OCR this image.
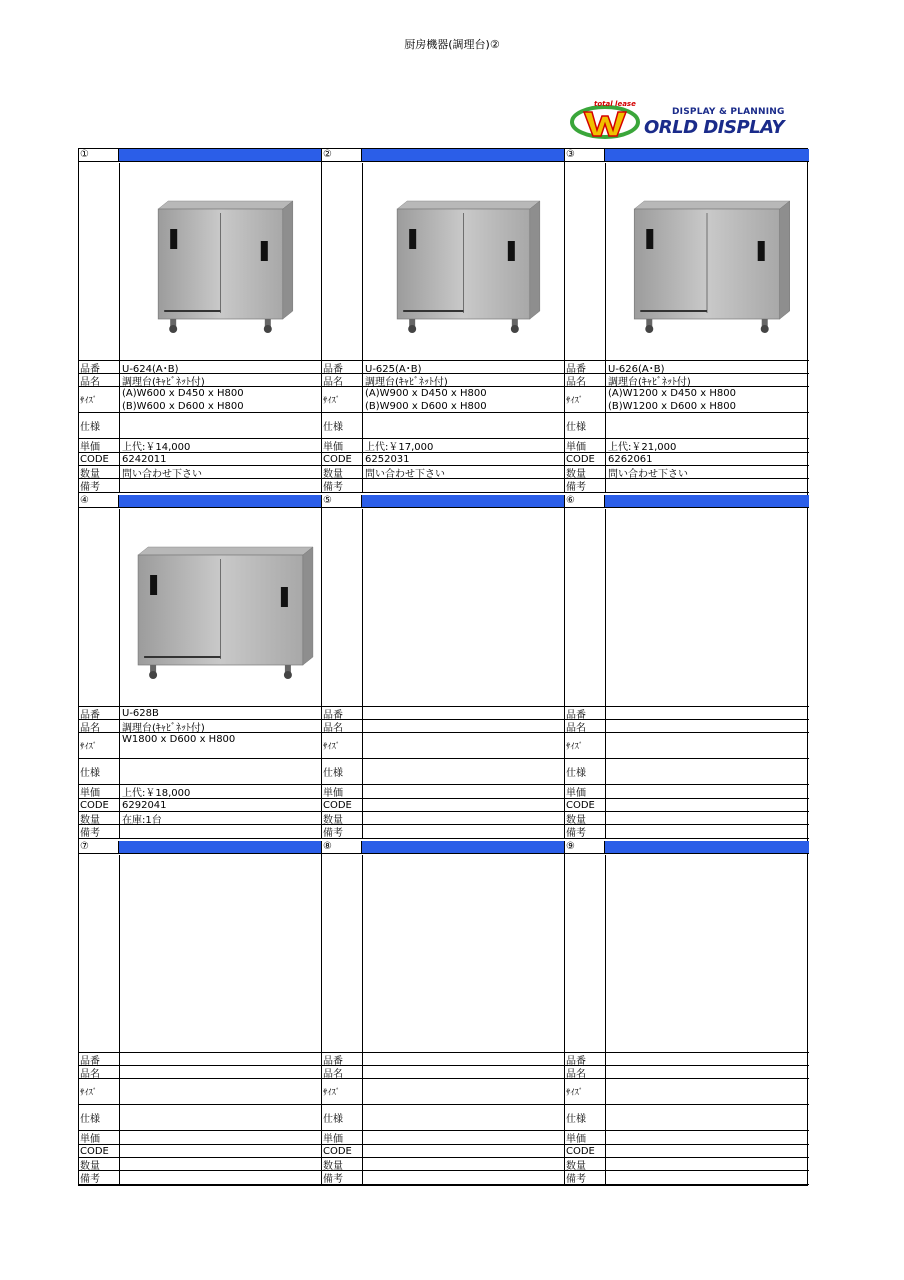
厨房機器(調理台)②
total lease
DISPLAY & PLANNING
ORLD DISPLAY
①
品番	U-624(A･B)
品名	調理台(ｷｬﾋﾞﾈｯﾄ付)
ｻｲｽﾞ
(A)W600 x D450 x H800
(B)W600 x D600 x H800
仕様
単価	上代:￥14,000
CODE	6242011
数量	問い合わせ下さい
備考
②
品番	U-625(A･B)
品名	調理台(ｷｬﾋﾞﾈｯﾄ付)
ｻｲｽﾞ
(A)W900 x D450 x H800
(B)W900 x D600 x H800
仕様
単価	上代:￥17,000
CODE	6252031
数量	問い合わせ下さい
備考
③
品番	U-626(A･B)
品名	調理台(ｷｬﾋﾞﾈｯﾄ付)
ｻｲｽﾞ
(A)W1200 x D450 x H800
(B)W1200 x D600 x H800
仕様
単価	上代:￥21,000
CODE	6262061
数量	問い合わせ下さい
備考
④
品番	U-628B
品名	調理台(ｷｬﾋﾞﾈｯﾄ付)
ｻｲｽﾞ
W1800 x D600 x H800
仕様
単価	上代:￥18,000
CODE	6292041
数量	在庫:1台
備考
⑤
品番
品名
ｻｲｽﾞ
仕様
単価
CODE
数量
備考
⑥
品番
品名
ｻｲｽﾞ
仕様
単価
CODE
数量
備考
⑦
品番
品名
ｻｲｽﾞ
仕様
単価
CODE
数量
備考
⑧
品番
品名
ｻｲｽﾞ
仕様
単価
CODE
数量
備考
⑨
品番
品名
ｻｲｽﾞ
仕様
単価
CODE
数量
備考
